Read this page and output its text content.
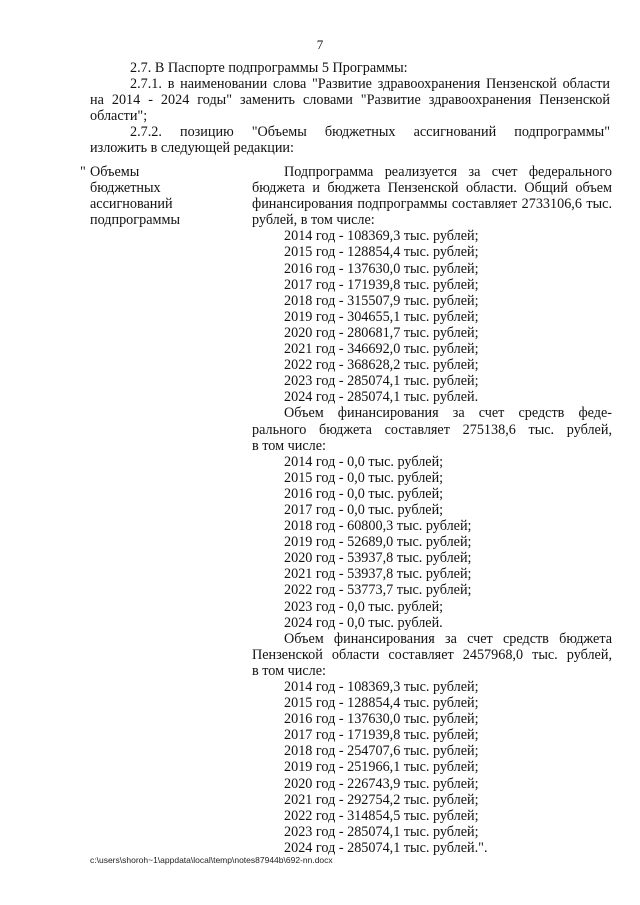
7

2.7. В Паспорте подпрограммы 5 Программы:

2.7.1. в наименовании слова "Развитие здравоохранения Пензенской области на 2014 - 2024 годы" заменить словами "Развитие здравоохранения Пензенской области";

2.7.2. позицию "Объемы бюджетных ассигнований подпрограммы"

изложить в следующей редакции:

" Объемы
бюджетных
ассигнований
подпрограммы

Подпрограмма реализуется за счет федерального бюджета и бюджета Пензенской области. Общий объем финансирования подпрограммы составляет 2733106,6 тыс. рублей, в том числе:

2014 год - 108369,3 тыс. рублей;
2015 год - 128854,4 тыс. рублей;
2016 год - 137630,0 тыс. рублей;
2017 год - 171939,8 тыс. рублей;
2018 год - 315507,9 тыс. рублей;
2019 год - 304655,1 тыс. рублей;
2020 год - 280681,7 тыс. рублей;
2021 год - 346692,0 тыс. рублей;
2022 год - 368628,2 тыс. рублей;
2023 год - 285074,1 тыс. рублей;
2024 год - 285074,1 тыс. рублей.

Объем финансирования за счет средств феде-

рального бюджета составляет 275138,6 тыс. рублей,

в том числе:

2014 год - 0,0 тыс. рублей;
2015 год - 0,0 тыс. рублей;
2016 год - 0,0 тыс. рублей;
2017 год - 0,0 тыс. рублей;
2018 год - 60800,3 тыс. рублей;
2019 год - 52689,0 тыс. рублей;
2020 год - 53937,8 тыс. рублей;
2021 год - 53937,8 тыс. рублей;
2022 год - 53773,7 тыс. рублей;
2023 год - 0,0 тыс. рублей;
2024 год - 0,0 тыс. рублей.

Объем финансирования за счет средств бюджета

Пензенской области составляет 2457968,0 тыс. рублей,

в том числе:

2014 год - 108369,3 тыс. рублей;
2015 год - 128854,4 тыс. рублей;
2016 год - 137630,0 тыс. рублей;
2017 год - 171939,8 тыс. рублей;
2018 год - 254707,6 тыс. рублей;
2019 год - 251966,1 тыс. рублей;
2020 год - 226743,9 тыс. рублей;
2021 год - 292754,2 тыс. рублей;
2022 год - 314854,5 тыс. рублей;
2023 год - 285074,1 тыс. рублей;
2024 год - 285074,1 тыс. рублей.".
c:\users\shoroh~1\appdata\local\temp\notes87944b\692-nn.docx
